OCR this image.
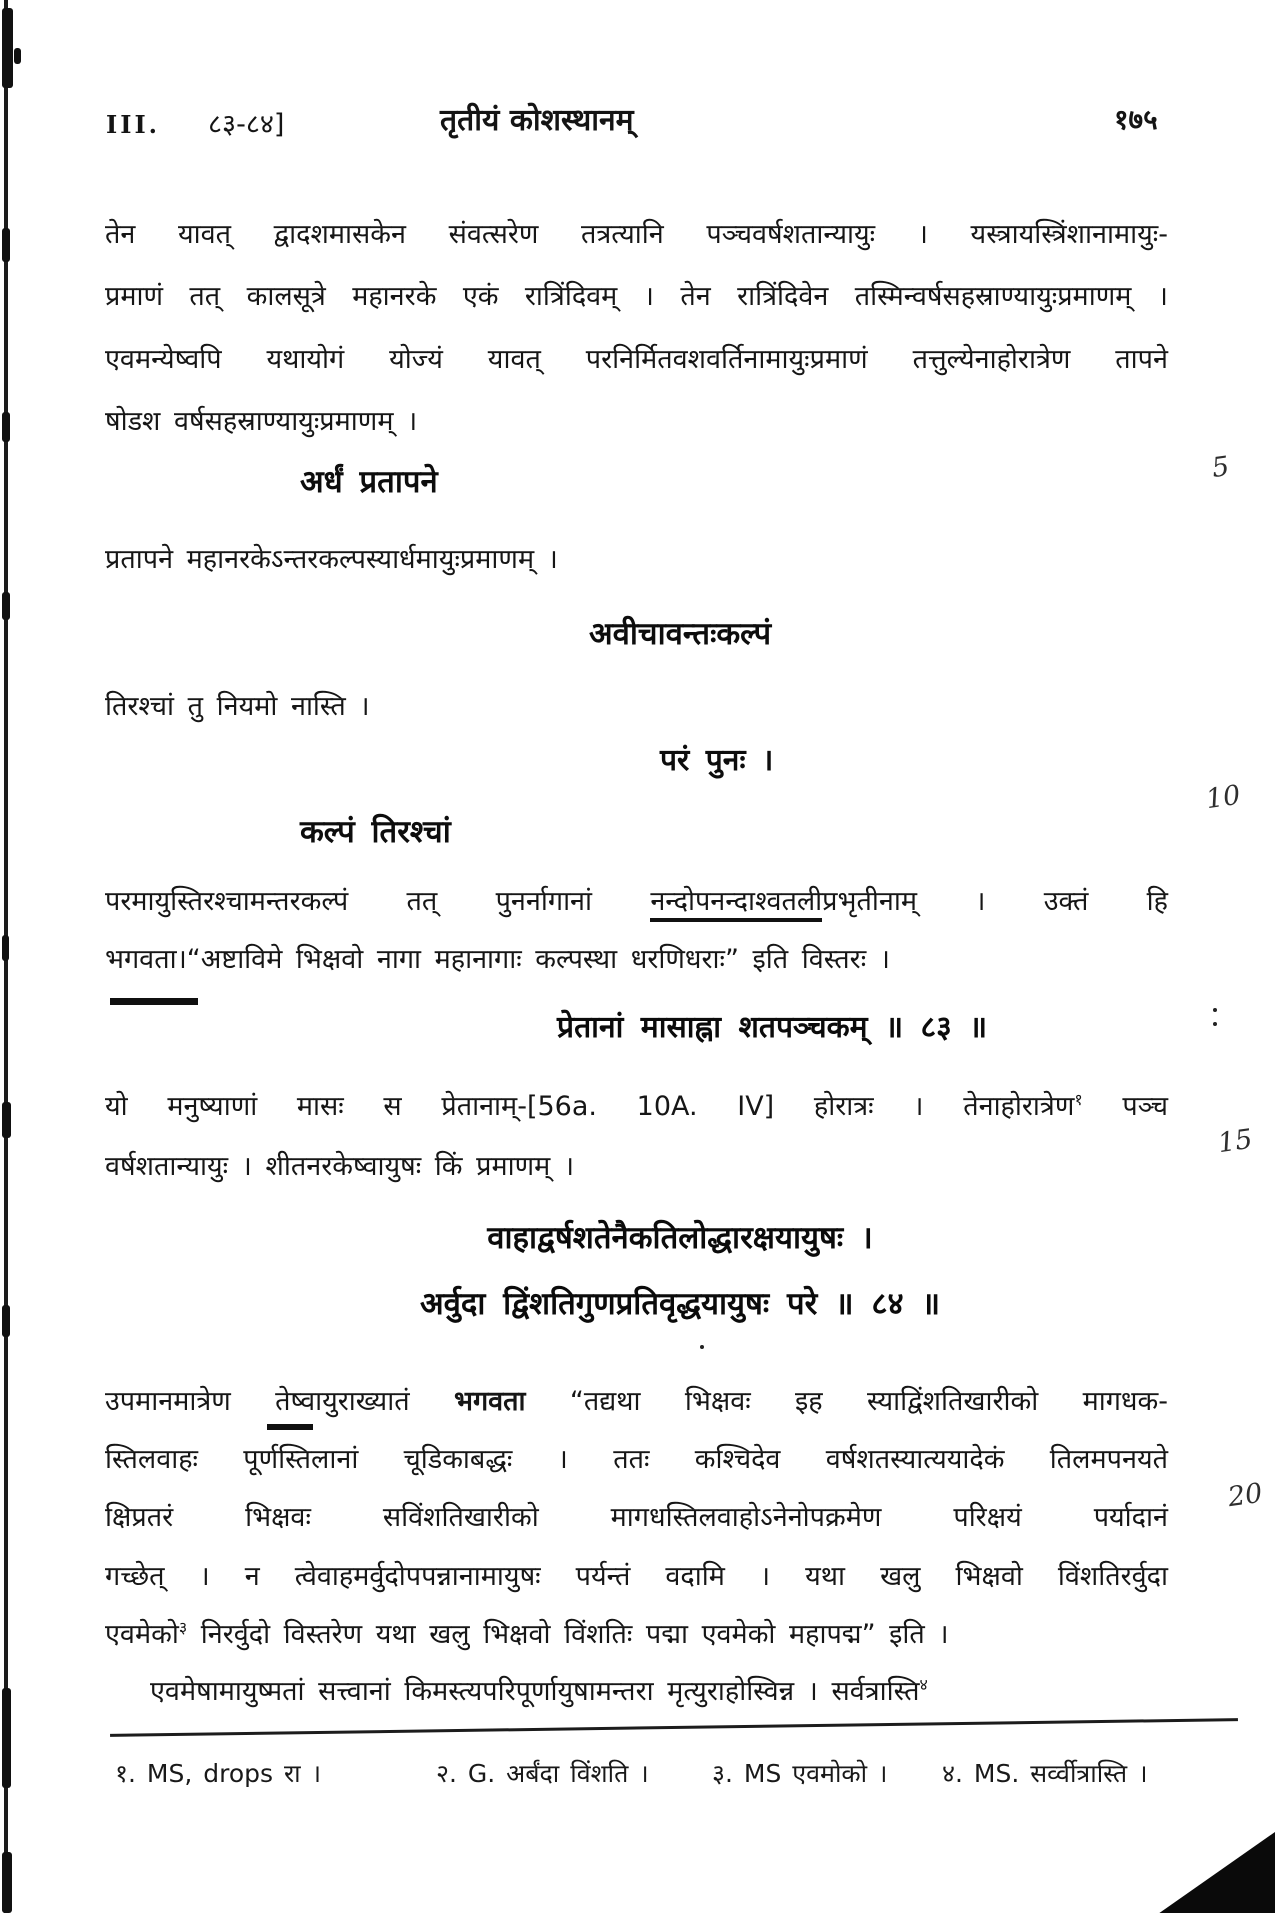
III. ८३-८४]	तृतीयं कोशस्थानम्	१७५
तेन यावत् द्वादशमासकेन संवत्सरेण तत्रत्यानि पञ्चवर्षशतान्यायुः । यस्त्रायस्त्रिंशानामायुः-
प्रमाणं तत् कालसूत्रे महानरके एकं रात्रिंदिवम् । तेन रात्रिंदिवेन तस्मिन्वर्षसहस्राण्यायुःप्रमाणम् ।
एवमन्येष्वपि यथायोगं योज्यं यावत् परनिर्मितवशवर्तिनामायुःप्रमाणं तत्तुल्येनाहोरात्रेण तापने
षोडश वर्षसहस्राण्यायुःप्रमाणम् ।
अर्धं प्रतापने	5
प्रतापने महानरकेऽन्तरकल्पस्यार्धमायुःप्रमाणम् ।
अवीचावन्तःकल्पं
तिरश्चां तु नियमो नास्ति ।
परं पुनः ।
कल्पं तिरश्चां
10
परमायुस्तिरश्चामन्तरकल्पं तत् पुनर्नागानां नन्दोपनन्दाश्वतलीप्रभृतीनाम् । उक्तं हि
भगवता।“अष्टाविमे भिक्षवो नागा महानागाः कल्पस्था धरणिधराः” इति विस्तरः ।
प्रेतानां मासाह्ना शतपञ्चकम् ॥ ८३ ॥
यो मनुष्याणां मासः स प्रेतानाम्-[56a. 10A. IV] होरात्रः । तेनाहोरात्रेण$^१$ पञ्च
वर्षशतान्यायुः । शीतनरकेष्वायुषः किं प्रमाणम् ।
15
वाहाद्वर्षशतेनैकतिलोद्धारक्षयायुषः ।
अर्वुदा द्विंशतिगुणप्रतिवृद्धयायुषः परे ॥ ८४ ॥
उपमानमात्रेण तेष्वायुराख्यातं भगवता “तद्यथा भिक्षवः इह स्याद्विंशतिखारीको मागधक-
स्तिलवाहः पूर्णस्तिलानां चूडिकाबद्धः । ततः कश्चिदेव वर्षशतस्यात्ययादेकं तिलमपनयते
क्षिप्रतरं भिक्षवः सविंशतिखारीको मागधस्तिलवाहोऽनेनोपक्रमेण परिक्षयं पर्यादानं
20
गच्छेत् । न त्वेवाहमर्वुदोपपन्नानामायुषः पर्यन्तं वदामि । यथा खलु भिक्षवो विंशतिरर्वुदा
एवमेको$^३$ निरर्वुदो विस्तरेण यथा खलु भिक्षवो विंशतिः पद्मा एवमेको महापद्म” इति ।
एवमेषामायुष्मतां सत्त्वानां किमस्त्यपरिपूर्णायुषामन्तरा मृत्युराहोस्विन्न । सर्वत्रास्ति$^४$
१. MS, drops रा ।	२. G. अर्बंदा विंशति ।	३. MS एवमोको । ४. MS. सर्व्वीत्रास्ति ।
